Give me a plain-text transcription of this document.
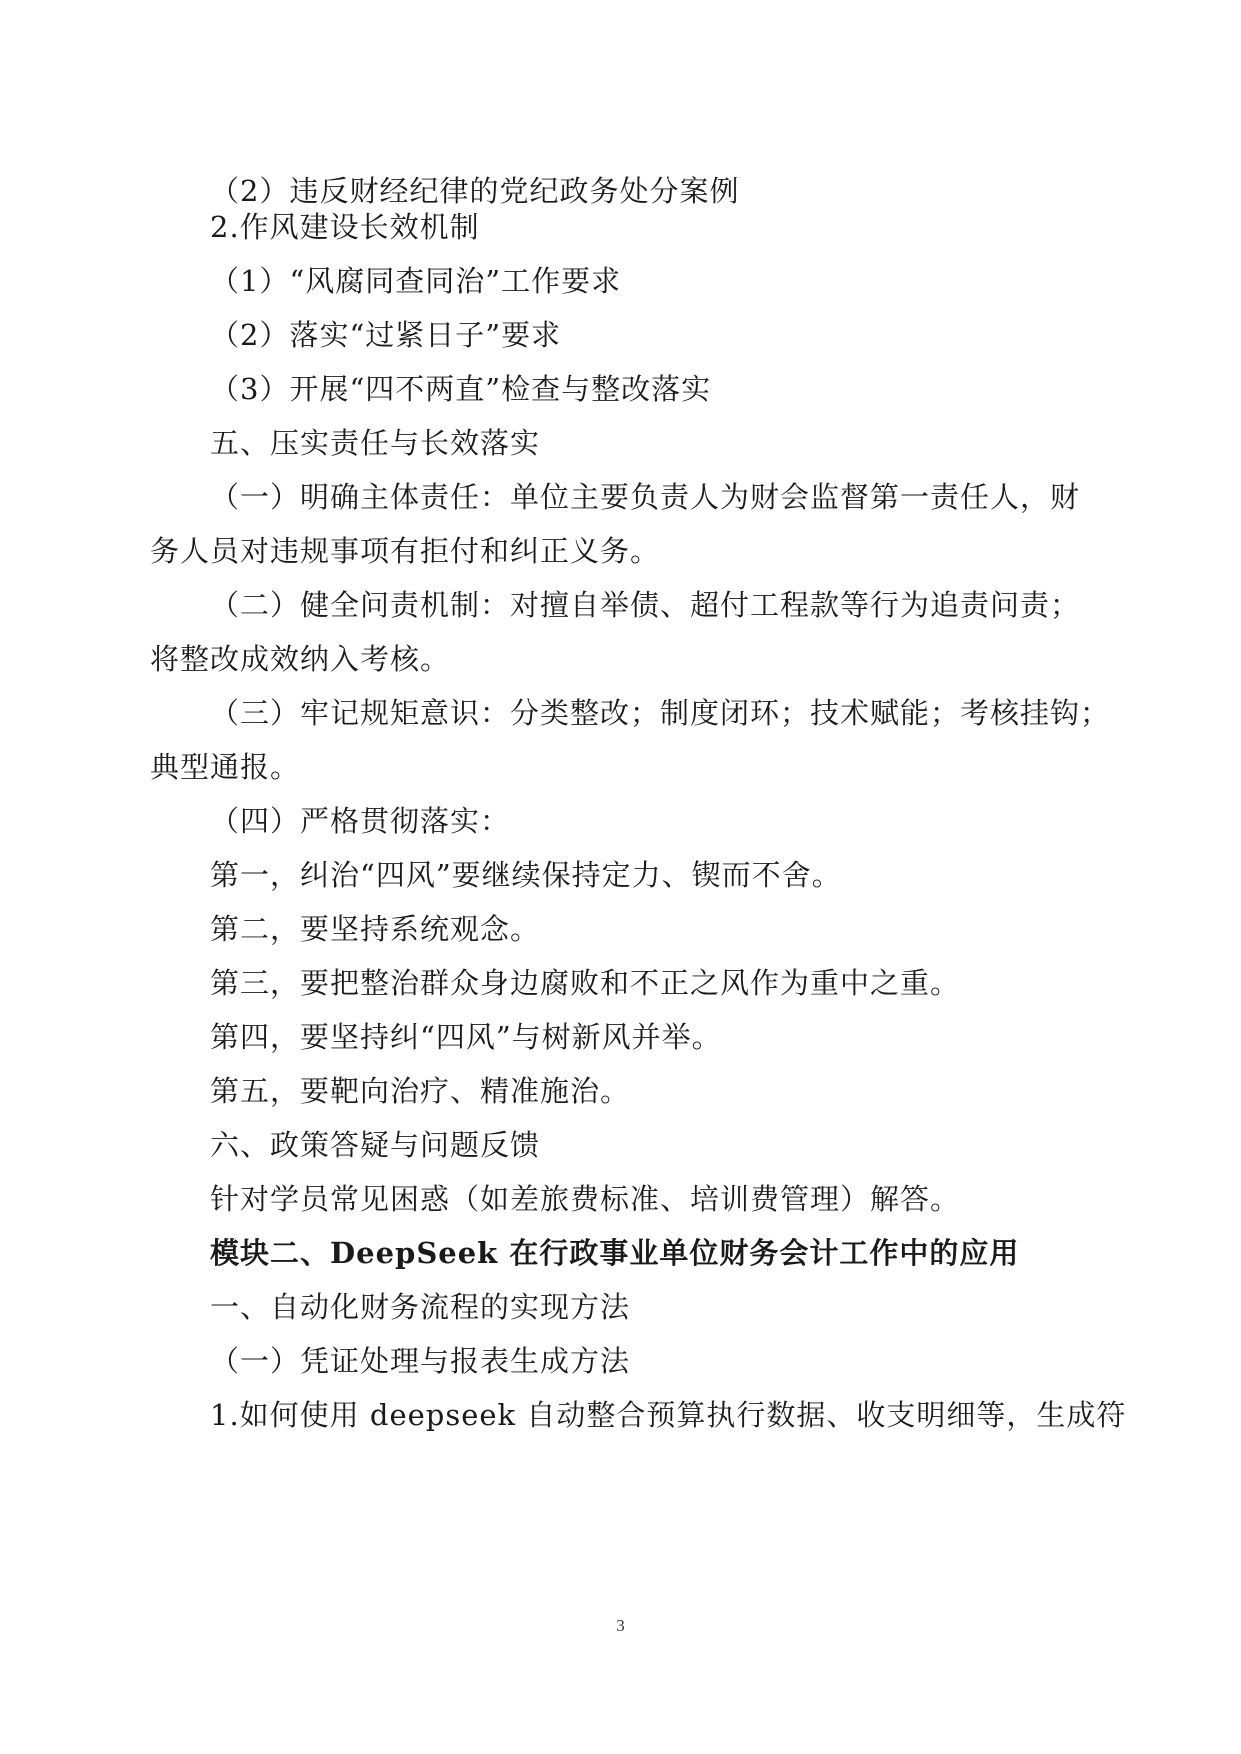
（2）违反财经纪律的党纪政务处分案例
2.作风建设长效机制
（1）“风腐同查同治”工作要求
（2）落实“过紧日子”要求
（3）开展“四不两直”检查与整改落实
五、压实责任与长效落实
（一）明确主体责任：单位主要负责人为财会监督第一责任人，财
务人员对违规事项有拒付和纠正义务。
（二）健全问责机制：对擅自举债、超付工程款等行为追责问责；
将整改成效纳入考核。
（三）牢记规矩意识：分类整改；制度闭环；技术赋能；考核挂钩；
典型通报。
（四）严格贯彻落实：
第一，纠治“四风”要继续保持定力、锲而不舍。
第二，要坚持系统观念。
第三，要把整治群众身边腐败和不正之风作为重中之重。
第四，要坚持纠“四风”与树新风并举。
第五，要靶向治疗、精准施治。
六、政策答疑与问题反馈
针对学员常见困惑（如差旅费标准、培训费管理）解答。
模块二、DeepSeek 在行政事业单位财务会计工作中的应用
一、自动化财务流程的实现方法
（一）凭证处理与报表生成方法
1.如何使用 deepseek 自动整合预算执行数据、收支明细等，生成符
3
